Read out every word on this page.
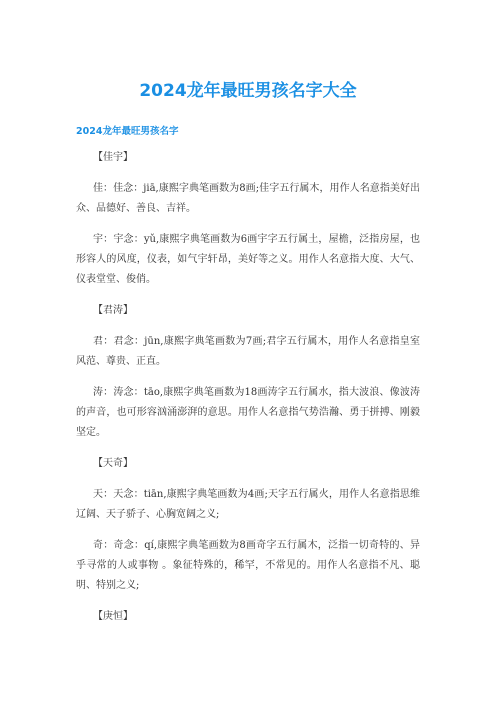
2024龙年最旺男孩名字大全
2024龙年最旺男孩名字
【佳宇】
佳：佳念：jiā,康熙字典笔画数为8画;佳字五行属木，用作人名意指美好出众、品德好、善良、吉祥。
宇：宇念：yǔ,康熙字典笔画数为6画宇字五行属土，屋檐，泛指房屋，也形容人的风度，仪表，如气宇轩昂，美好等之义。用作人名意指大度、大气、仪表堂堂、俊俏。
【君涛】
君：君念：jūn,康熙字典笔画数为7画;君字五行属木，用作人名意指皇室风范、尊贵、正直。
涛：涛念：tāo,康熙字典笔画数为18画涛字五行属水，指大波浪、像波涛的声音，也可形容汹涌澎湃的意思。用作人名意指气势浩瀚、勇于拼搏、刚毅坚定。
【天奇】
天：天念：tiān,康熙字典笔画数为4画;天字五行属火，用作人名意指思维辽阔、天子骄子、心胸宽阔之义;
奇：奇念：qí,康熙字典笔画数为8画奇字五行属木，泛指一切奇特的、异乎寻常的人或事物 。象征特殊的，稀罕，不常见的。用作人名意指不凡、聪明、特别之义;
【庚恒】
